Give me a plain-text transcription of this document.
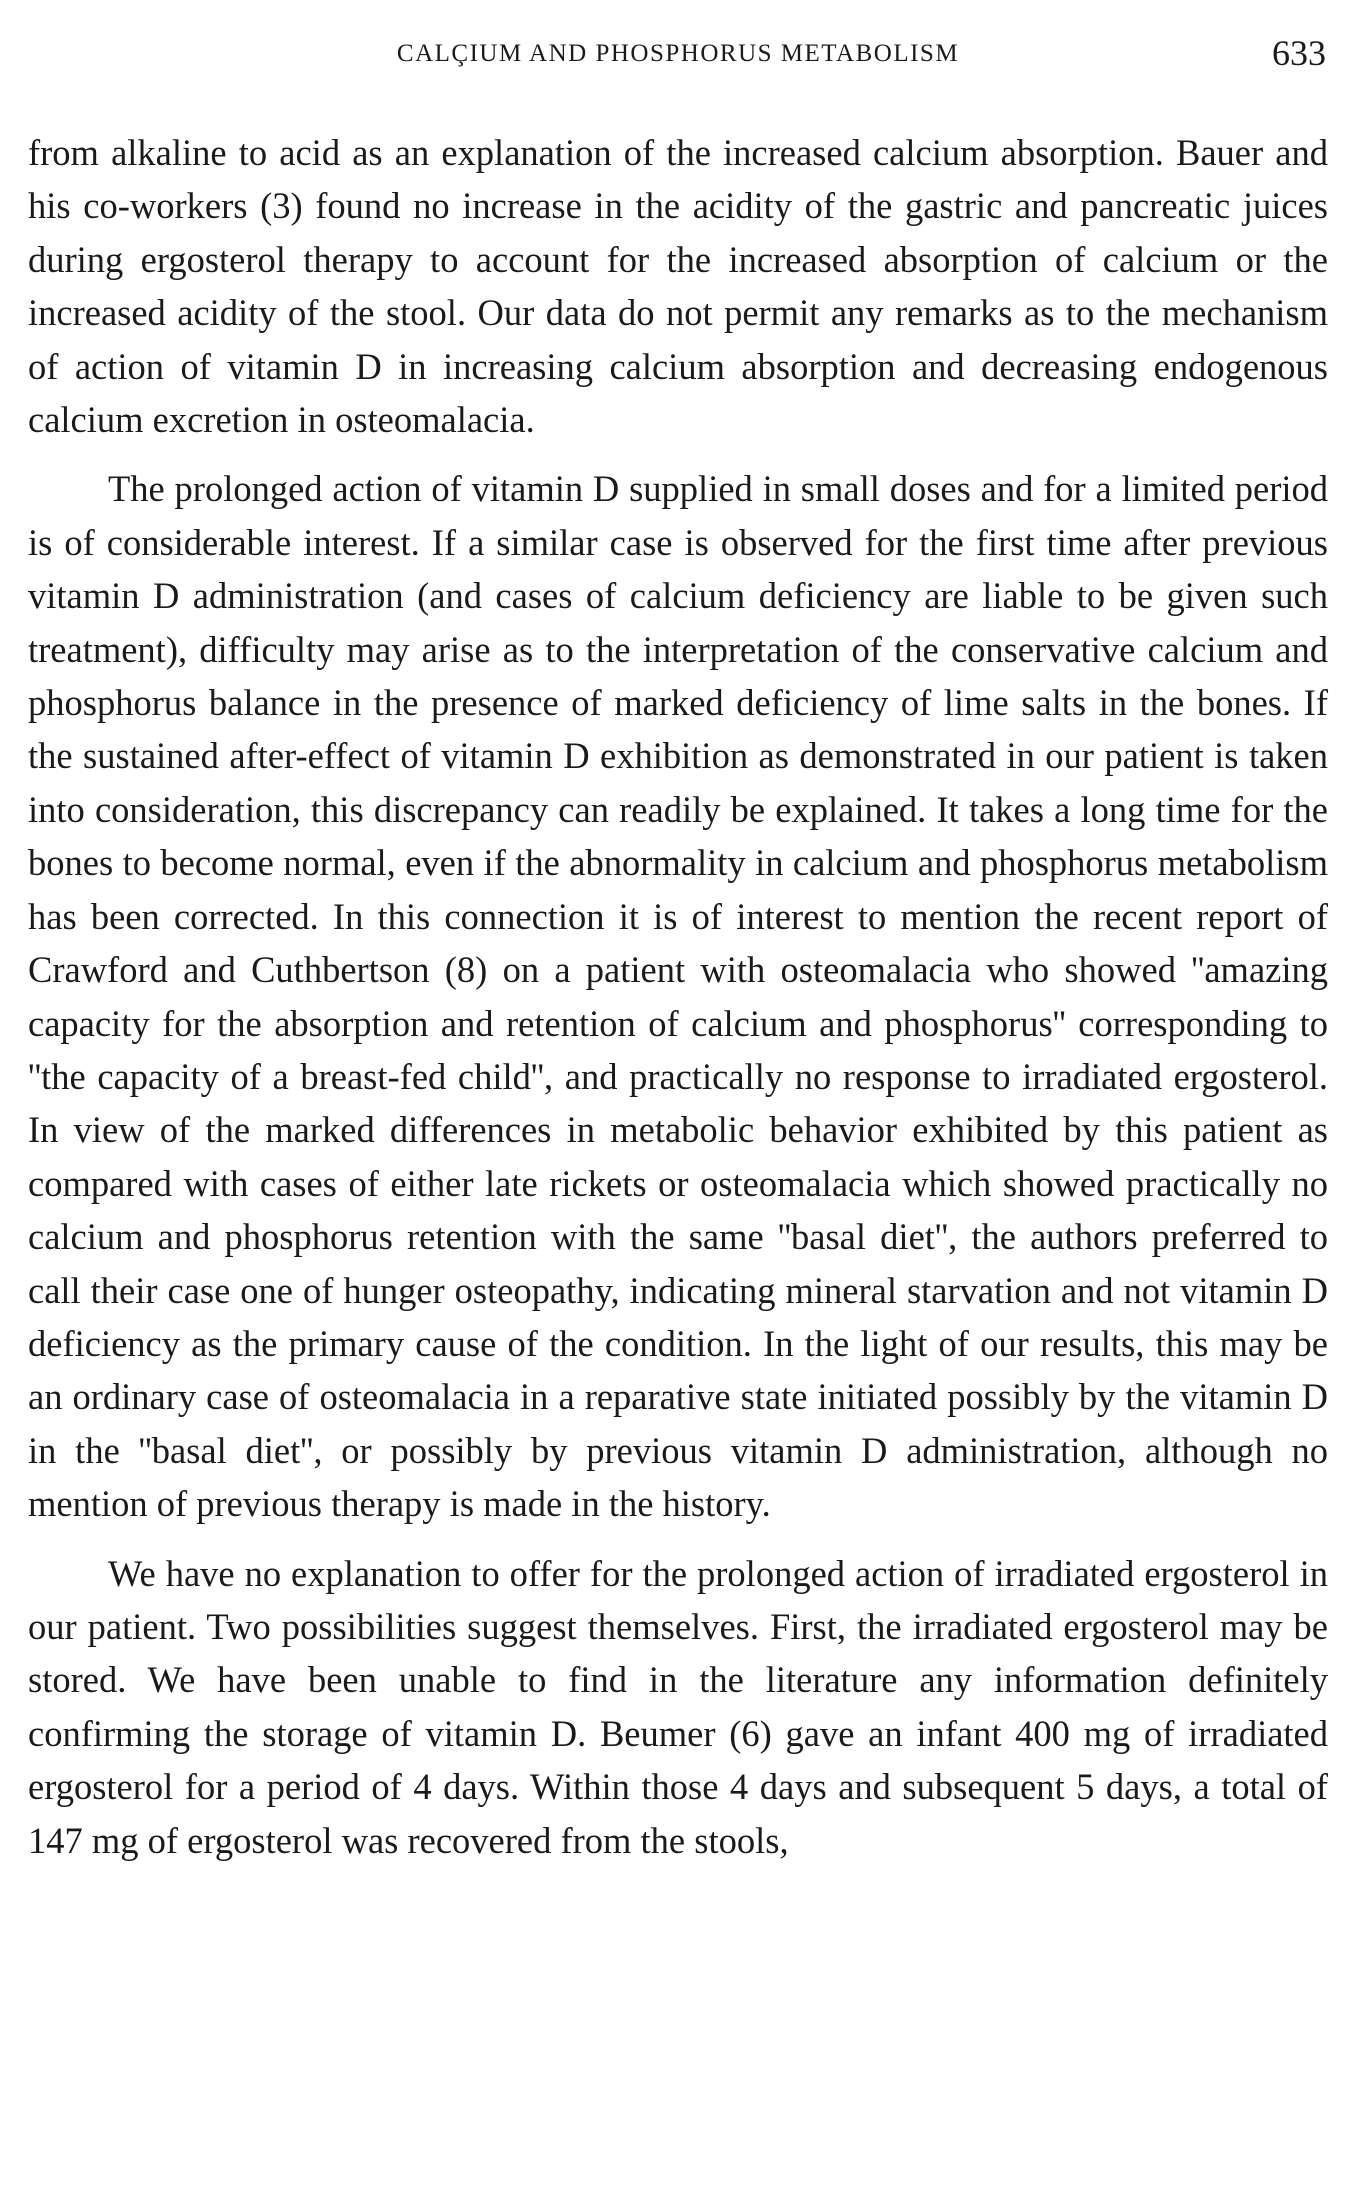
CALÇIUM AND PHOSPHORUS METABOLISM	633

from alkaline to acid as an explanation of the increased calcium absorption. Bauer and his co-workers (3) found no increase in the acidity of the gastric and pancreatic juices during ergosterol therapy to account for the increased absorption of calcium or the increased acidity of the stool. Our data do not permit any remarks as to the mechanism of action of vitamin D in increasing calcium absorption and decreasing endogenous calcium excretion in osteomalacia.

The prolonged action of vitamin D supplied in small doses and for a limited period is of considerable interest. If a similar case is observed for the first time after previous vitamin D administration (and cases of calcium deficiency are liable to be given such treatment), difficulty may arise as to the interpretation of the conservative calcium and phosphorus balance in the presence of marked deficiency of lime salts in the bones. If the sustained after-effect of vitamin D exhibition as demonstrated in our patient is taken into consideration, this discrepancy can readily be explained. It takes a long time for the bones to become normal, even if the abnormality in calcium and phosphorus metabolism has been corrected. In this connection it is of interest to mention the recent report of Crawford and Cuthbertson (8) on a patient with osteomalacia who showed ''amazing capacity for the absorption and retention of calcium and phosphorus'' corresponding to ''the capacity of a breast-fed child'', and practically no response to irradiated ergosterol. In view of the marked differences in metabolic behavior exhibited by this patient as compared with cases of either late rickets or osteomalacia which showed practically no calcium and phosphorus retention with the same ''basal diet'', the authors preferred to call their case one of hunger osteopathy, indicating mineral starvation and not vitamin D deficiency as the primary cause of the condition. In the light of our results, this may be an ordinary case of osteomalacia in a reparative state initiated possibly by the vitamin D in the ''basal diet'', or possibly by previous vitamin D administration, although no mention of previous therapy is made in the history.

We have no explanation to offer for the prolonged action of irradiated ergosterol in our patient. Two possibilities suggest themselves. First, the irradiated ergosterol may be stored. We have been unable to find in the literature any information definitely confirming the storage of vitamin D. Beumer (6) gave an infant 400 mg of irradiated ergosterol for a period of 4 days. Within those 4 days and subsequent 5 days, a total of 147 mg of ergosterol was recovered from the stools,
